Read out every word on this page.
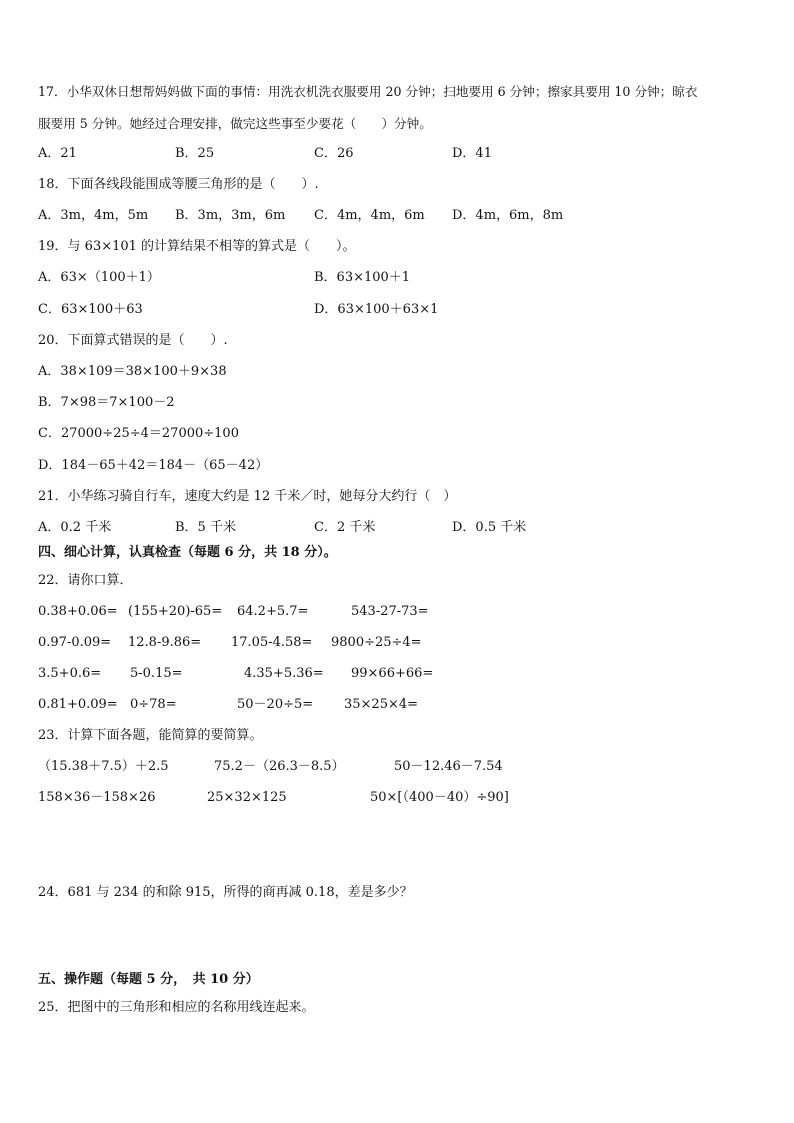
17．小华双休日想帮妈妈做下面的事情：用洗衣机洗衣服要用 20 分钟；扫地要用 6 分钟；擦家具要用 10 分钟；晾衣
服要用 5 分钟。她经过合理安排，做完这些事至少要花（　　）分钟。
A．21	B．25	C．26	D．41
18．下面各线段能围成等腰三角形的是（　　）.
A．3m，4m，5m B．3m，3m，6m C．4m，4m，6m D．4m，6m，8m
19．与 63×101 的计算结果不相等的算式是（　　）。
A．63×（100＋1）	B．63×100＋1
C．63×100＋63	D．63×100＋63×1
20．下面算式错误的是（　　）.
A．38×109＝38×100＋9×38
B．7×98＝7×100－2
C．27000÷25÷4＝27000÷100
D．184－65＋42＝184－（65－42）
21．小华练习骑自行车，速度大约是 12 千米／时，她每分大约行（　）
A．0.2 千米	B．5 千米	C．2 千米	D．0.5 千米
四、细心计算，认真检查（每题 6 分，共 18 分）。
22．请你口算．
0.38+0.06= (155+20)-65= 64.2+5.7=	543-27-73=
0.97-0.09= 12.8-9.86= 17.05-4.58= 9800÷25÷4=
3.5+0.6= 5-0.15=	4.35+5.36= 99×66+66=
0.81+0.09= 0÷78=	50－20÷5= 35×25×4=
23．计算下面各题，能简算的要简算。
（15.38＋7.5）＋2.5	75.2－（26.3－8.5）	50－12.46－7.54
158×36－158×26	25×32×125	50×[（400－40）÷90]
24．681 与 234 的和除 915，所得的商再减 0.18，差是多少？
五、操作题（每题 5 分，　共 10 分）
25．把图中的三角形和相应的名称用线连起来。
